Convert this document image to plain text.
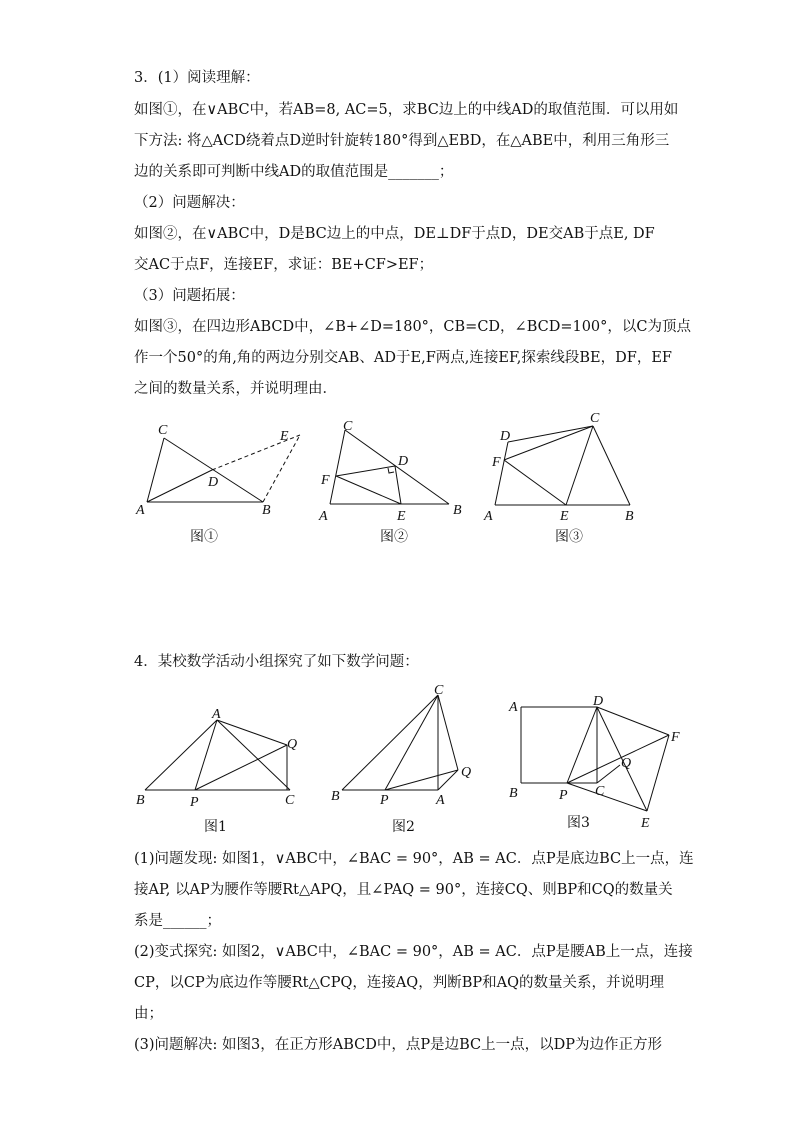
3．(1）阅读理解：
如图①，在∨ABC中，若AB=8, AC=5，求BC边上的中线AD的取值范围．可以用如
下方法: 将△ACD绕着点D逆时针旋转180°得到△EBD，在△ABE中，利用三角形三
边的关系即可判断中线AD的取值范围是_______；
（2）问题解决：
如图②，在∨ABC中，D是BC边上的中点，DE⊥DF于点D，DE交AB于点E, DF
交AC于点F，连接EF，求证：BE+CF>EF；
（3）问题拓展：
如图③，在四边形ABCD中，∠B+∠D=180°，CB=CD，∠BCD=100°，以C为顶点
作一个50°的角,角的两边分别交AB、AD于E,F两点,连接EF,探索线段BE，DF，EF
之间的数量关系，并说明理由．
A	B
C
D
E
图①
A	B
C
D
E
F
图②
A	B
C
D
E
F
图③
4．某校数学活动小组探究了如下数学问题：
B
A
P	C
Q
图1
B
C
P	A
Q
图2
A	D
F
Q
B	P C
E
图3
(1)问题发现: 如图1，∨ABC中，∠BAC = 90°，AB = AC．点P是底边BC上一点，连
接AP, 以AP为腰作等腰Rt△APQ，且∠PAQ = 90°，连接CQ、则BP和CQ的数量关
系是______；
(2)变式探究: 如图2，∨ABC中，∠BAC = 90°，AB = AC．点P是腰AB上一点，连接
CP，以CP为底边作等腰Rt△CPQ，连接AQ，判断BP和AQ的数量关系，并说明理
由；
(3)问题解决: 如图3，在正方形ABCD中，点P是边BC上一点，以DP为边作正方形
